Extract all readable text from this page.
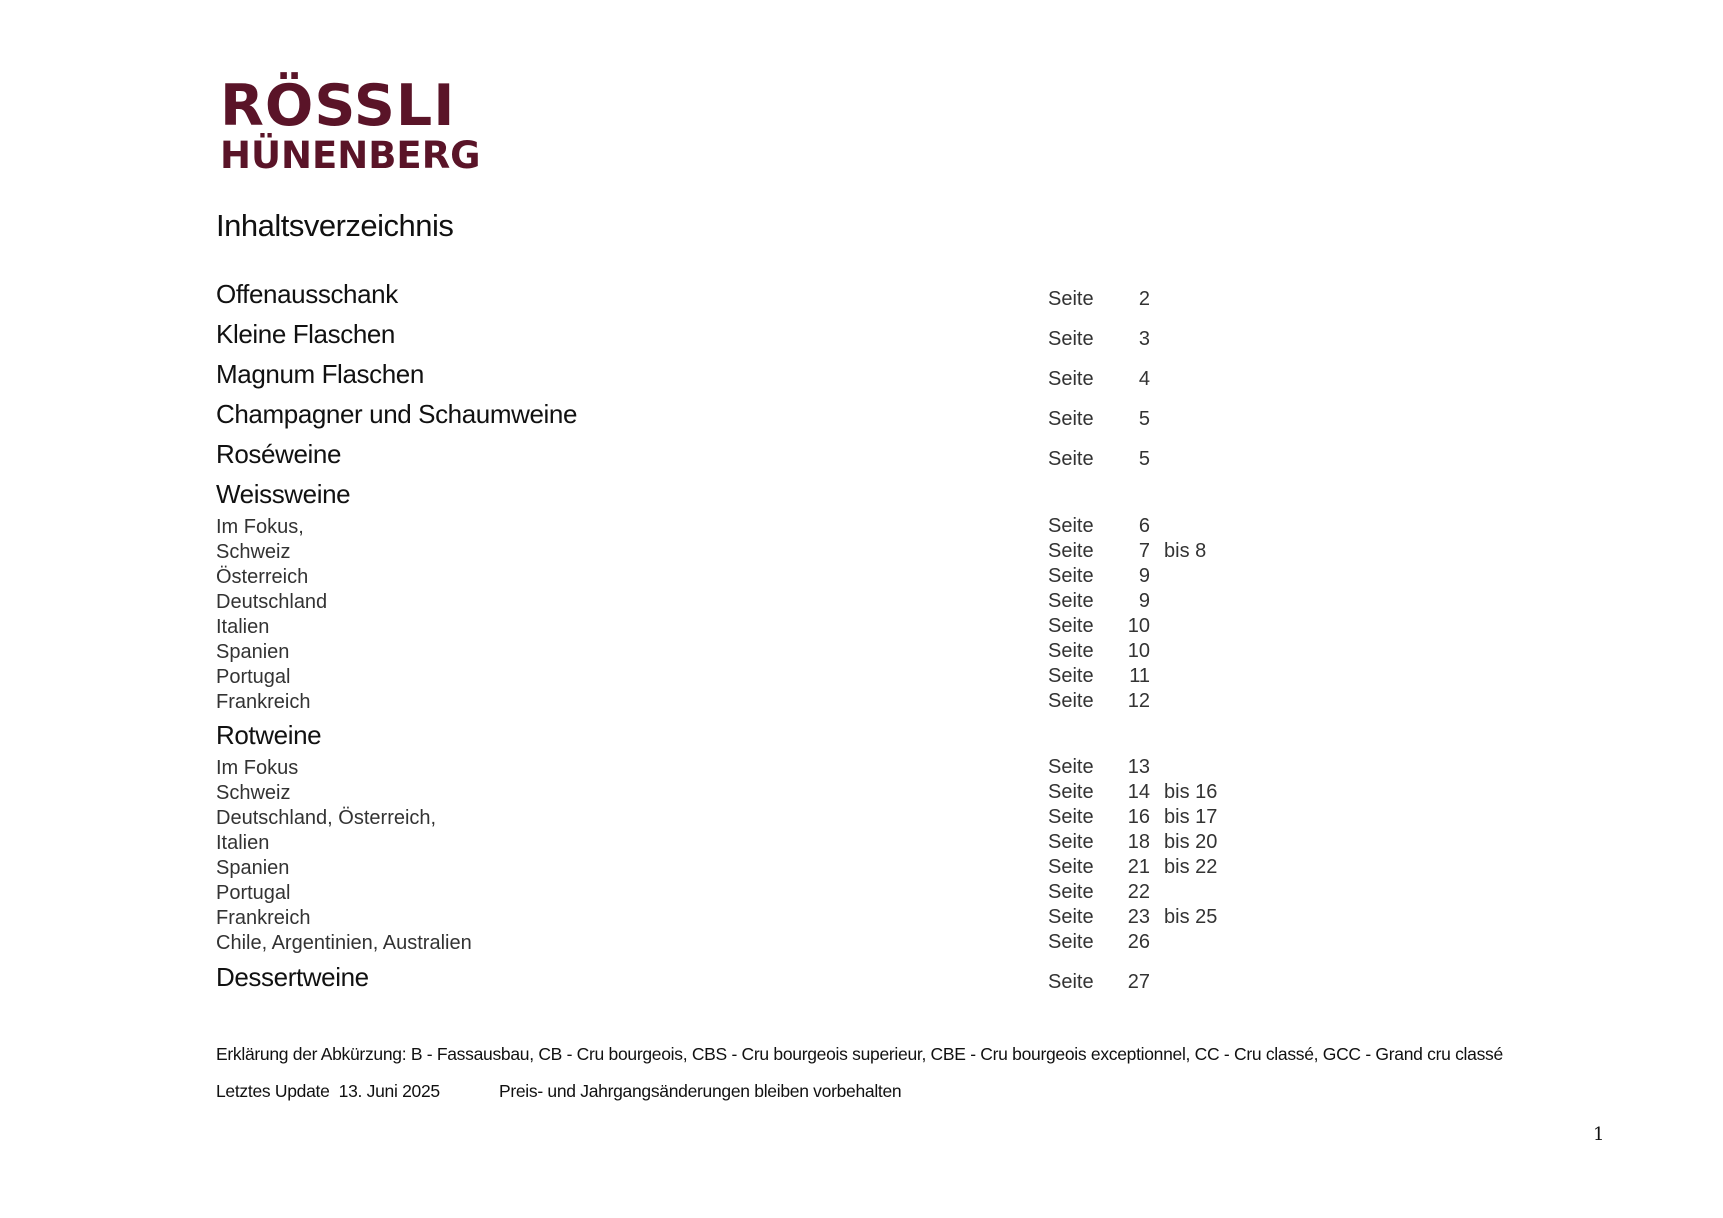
RÖSSLI
HÜNENBERG
Inhaltsverzeichnis
Offenausschank	Seite 2
Kleine Flaschen	Seite 3
Magnum Flaschen	Seite 4
Champagner und Schaumweine	Seite 5
Roséweine	Seite 5
Weissweine
Im Fokus,	Seite 6
Schweiz	Seite 7 bis 8
Österreich	Seite 9
Deutschland	Seite 9
Italien	Seite 10
Spanien	Seite 10
Portugal	Seite 11
Frankreich	Seite 12
Rotweine
Im Fokus	Seite 13
Schweiz	Seite 14 bis 16
Deutschland, Österreich,	Seite 16 bis 17
Italien	Seite 18 bis 20
Spanien	Seite 21 bis 22
Portugal	Seite 22
Frankreich	Seite 23 bis 25
Chile, Argentinien, Australien	Seite 26
Dessertweine	Seite 27
Erklärung der Abkürzung: B - Fassausbau, CB - Cru bourgeois, CBS - Cru bourgeois superieur, CBE - Cru bourgeois exceptionnel, CC - Cru classé, GCC - Grand cru classé
Letztes Update 13. Juni 2025	Preis- und Jahrgangsänderungen bleiben vorbehalten
1
